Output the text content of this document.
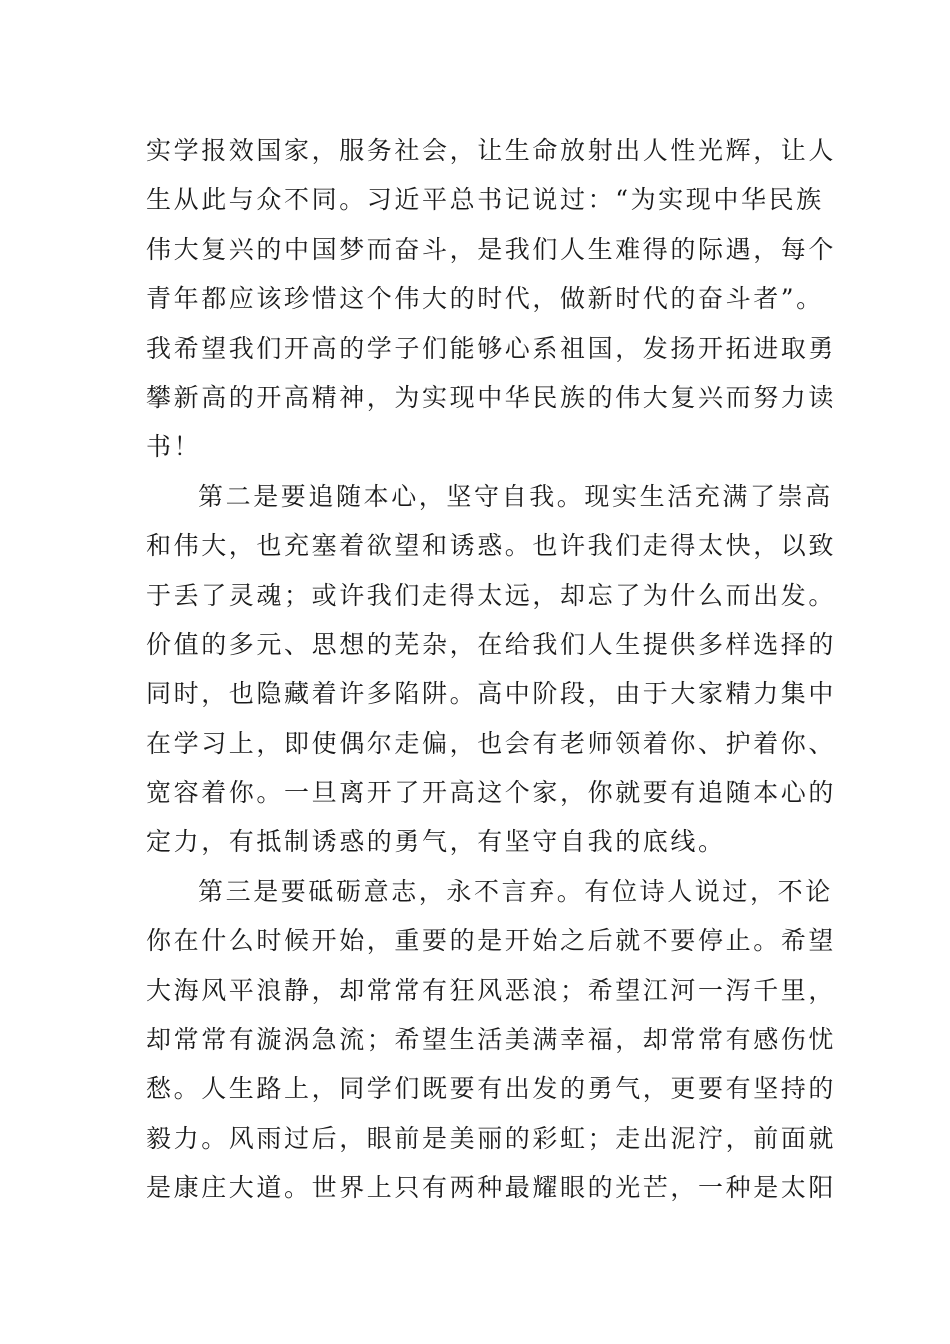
实学报效国家，服务社会，让生命放射出人性光辉，让人
生从此与众不同。习近平总书记说过：“为实现中华民族
伟大复兴的中国梦而奋斗，是我们人生难得的际遇，每个
青年都应该珍惜这个伟大的时代，做新时代的奋斗者”。
我希望我们开高的学子们能够心系祖国，发扬开拓进取勇
攀新高的开高精神，为实现中华民族的伟大复兴而努力读
书！
第二是要追随本心，坚守自我。现实生活充满了崇高
和伟大，也充塞着欲望和诱惑。也许我们走得太快，以致
于丢了灵魂；或许我们走得太远，却忘了为什么而出发。
价值的多元、思想的芜杂，在给我们人生提供多样选择的
同时，也隐藏着许多陷阱。高中阶段，由于大家精力集中
在学习上，即使偶尔走偏，也会有老师领着你、护着你、
宽容着你。一旦离开了开高这个家，你就要有追随本心的
定力，有抵制诱惑的勇气，有坚守自我的底线。
第三是要砥砺意志，永不言弃。有位诗人说过，不论
你在什么时候开始，重要的是开始之后就不要停止。希望
大海风平浪静，却常常有狂风恶浪；希望江河一泻千里，
却常常有漩涡急流；希望生活美满幸福，却常常有感伤忧
愁。人生路上，同学们既要有出发的勇气，更要有坚持的
毅力。风雨过后，眼前是美丽的彩虹；走出泥泞，前面就
是康庄大道。世界上只有两种最耀眼的光芒，一种是太阳
